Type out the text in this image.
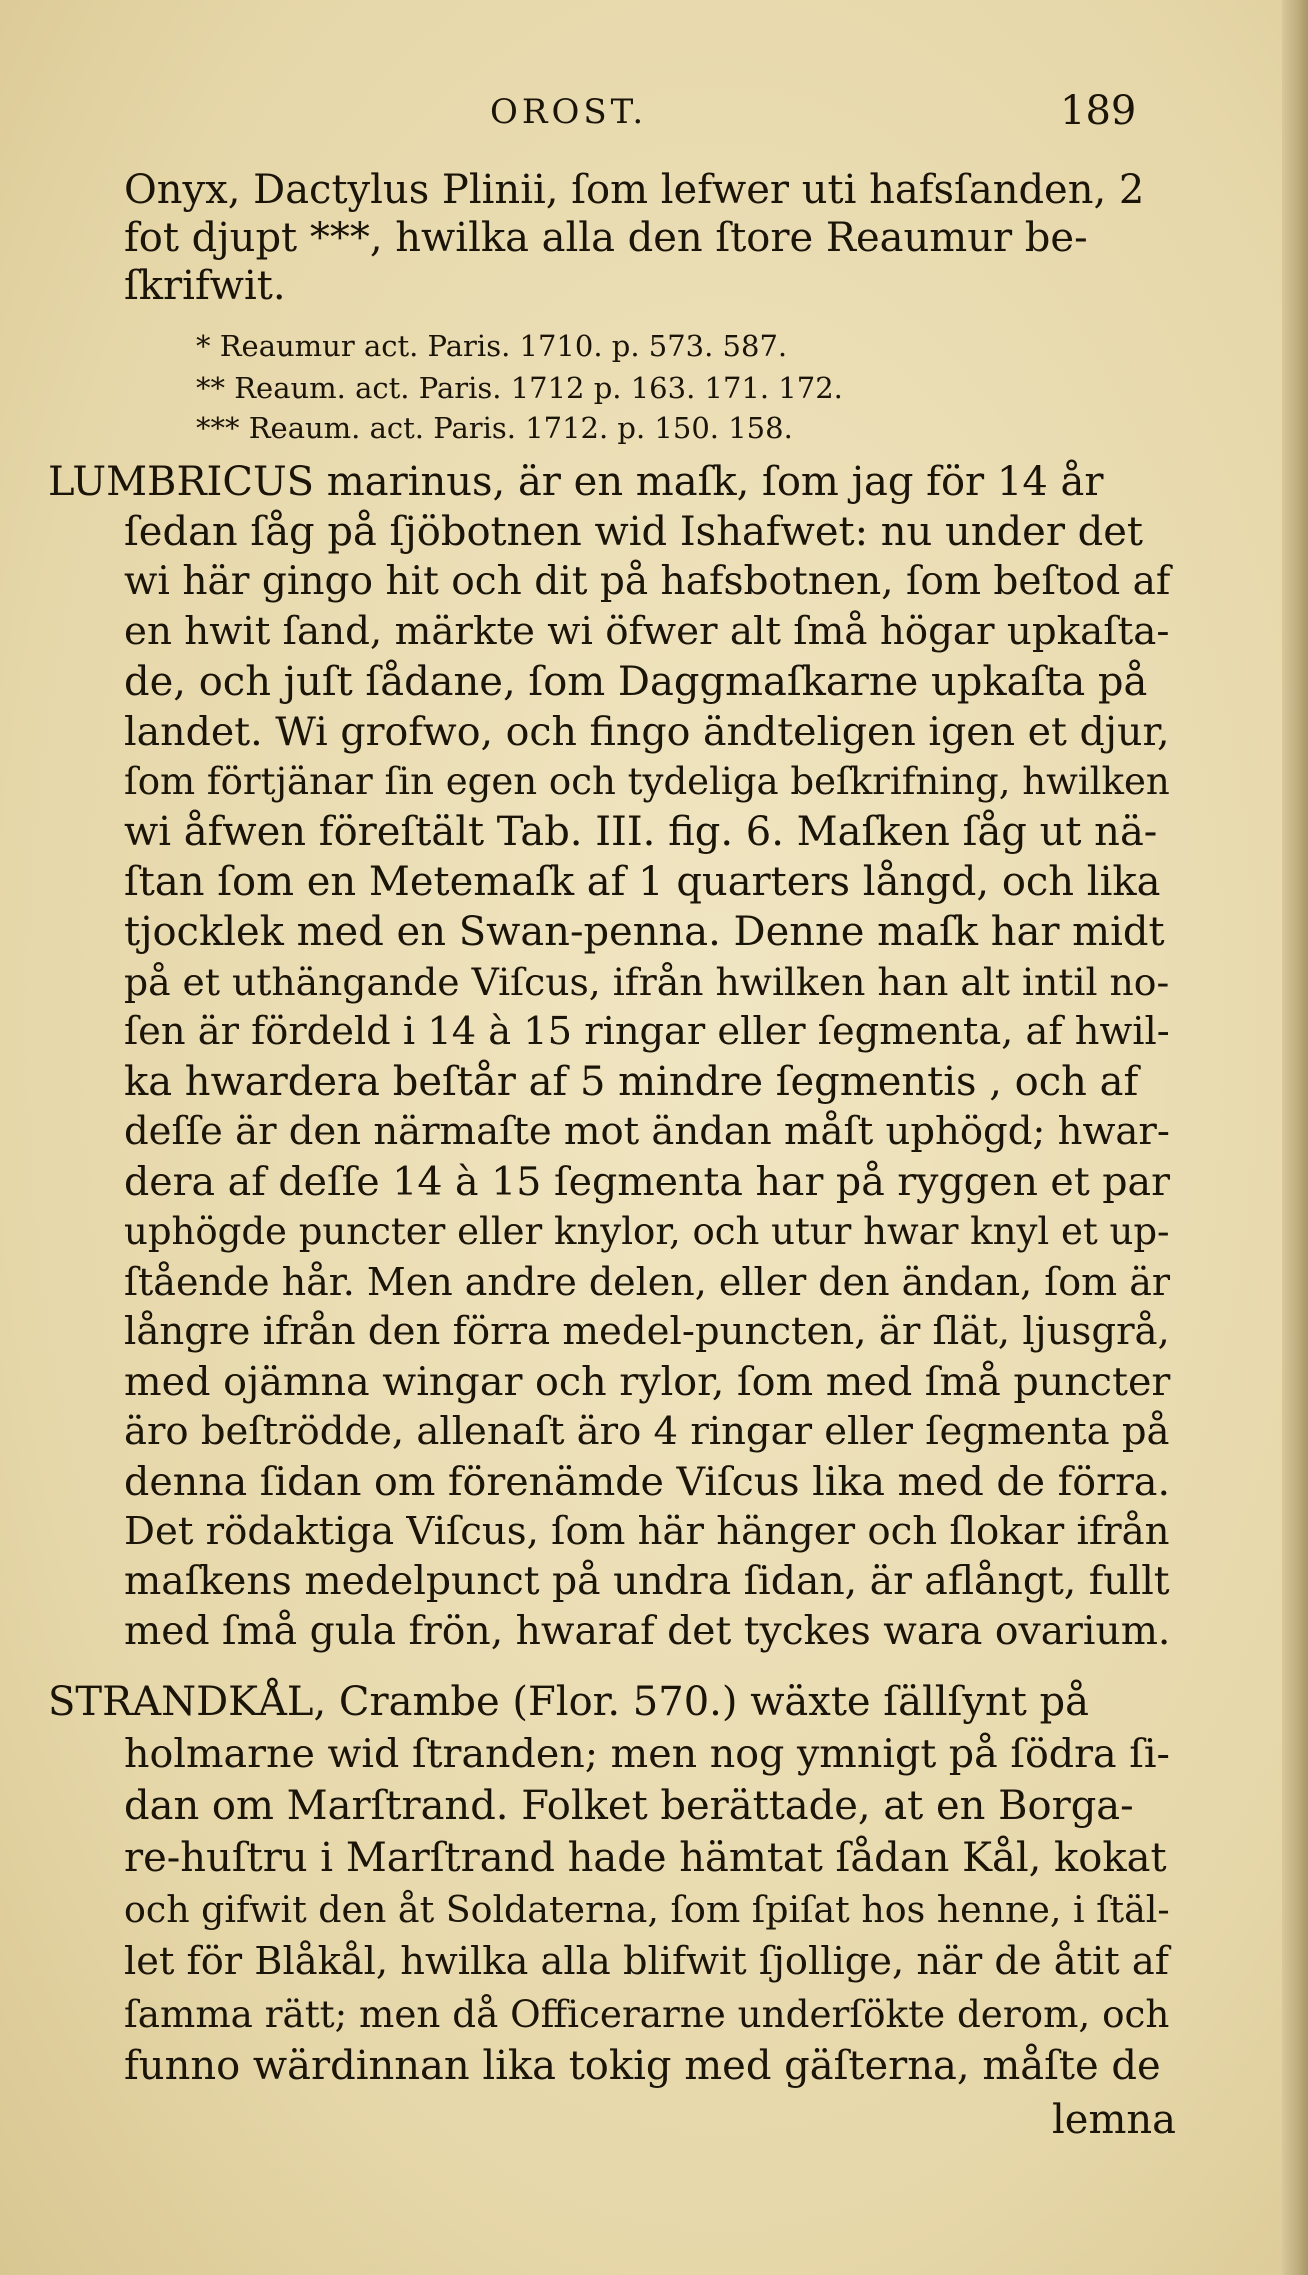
OROST.	189
Onyx, Dactylus Plinii, ſom lefwer uti hafsſanden, 2
fot djupt ***, hwilka alla den ſtore Reaumur be-
ſkrifwit.
* Reaumur act. Paris. 1710. p. 573. 587.
** Reaum. act. Paris. 1712 p. 163. 171. 172.
*** Reaum. act. Paris. 1712. p. 150. 158.
LUMBRICUS marinus, är en maſk, ſom jag för 14 år
ſedan ſåg på ſjöbotnen wid Ishafwet: nu under det
wi här gingo hit och dit på hafsbotnen, ſom beſtod af
en hwit ſand, märkte wi öfwer alt ſmå högar upkaſta-
de, och juſt ſådane, ſom Daggmaſkarne upkaſta på
landet. Wi grofwo, och fingo ändteligen igen et djur,
ſom förtjänar ſin egen och tydeliga beſkrifning, hwilken
wi åfwen föreſtält Tab. III. fig. 6. Maſken ſåg ut nä-
ſtan ſom en Metemaſk af 1 quarters långd, och lika
tjocklek med en Swan-penna. Denne maſk har midt
på et uthängande Viſcus, ifrån hwilken han alt intil no-
ſen är fördeld i 14 à 15 ringar eller ſegmenta, af hwil-
ka hwardera beſtår af 5 mindre ſegmentis , och af
deſſe är den närmaſte mot ändan måſt uphögd; hwar-
dera af deſſe 14 à 15 ſegmenta har på ryggen et par
uphögde puncter eller knylor, och utur hwar knyl et up-
ſtående hår. Men andre delen, eller den ändan, ſom är
långre ifrån den förra medel-puncten, är ſlät, ljusgrå,
med ojämna wingar och rylor, ſom med ſmå puncter
äro beſtrödde, allenaſt äro 4 ringar eller ſegmenta på
denna ſidan om förenämde Viſcus lika med de förra.
Det rödaktiga Viſcus, ſom här hänger och ſlokar ifrån
maſkens medelpunct på undra ſidan, är aflångt, fullt
med ſmå gula frön, hwaraf det tyckes wara ovarium.
STRANDKÅL, Crambe (Flor. 570.) wäxte ſällſynt på
holmarne wid ſtranden; men nog ymnigt på ſödra ſi-
dan om Marſtrand. Folket berättade, at en Borga-
re-huſtru i Marſtrand hade hämtat ſådan Kål, kokat
och gifwit den åt Soldaterna, ſom ſpiſat hos henne, i ſtäl-
let för Blåkål, hwilka alla blifwit ſjollige, när de åtit af
ſamma rätt; men då Officerarne underſökte derom, och
funno wärdinnan lika tokig med gäſterna, måſte de
lemna
